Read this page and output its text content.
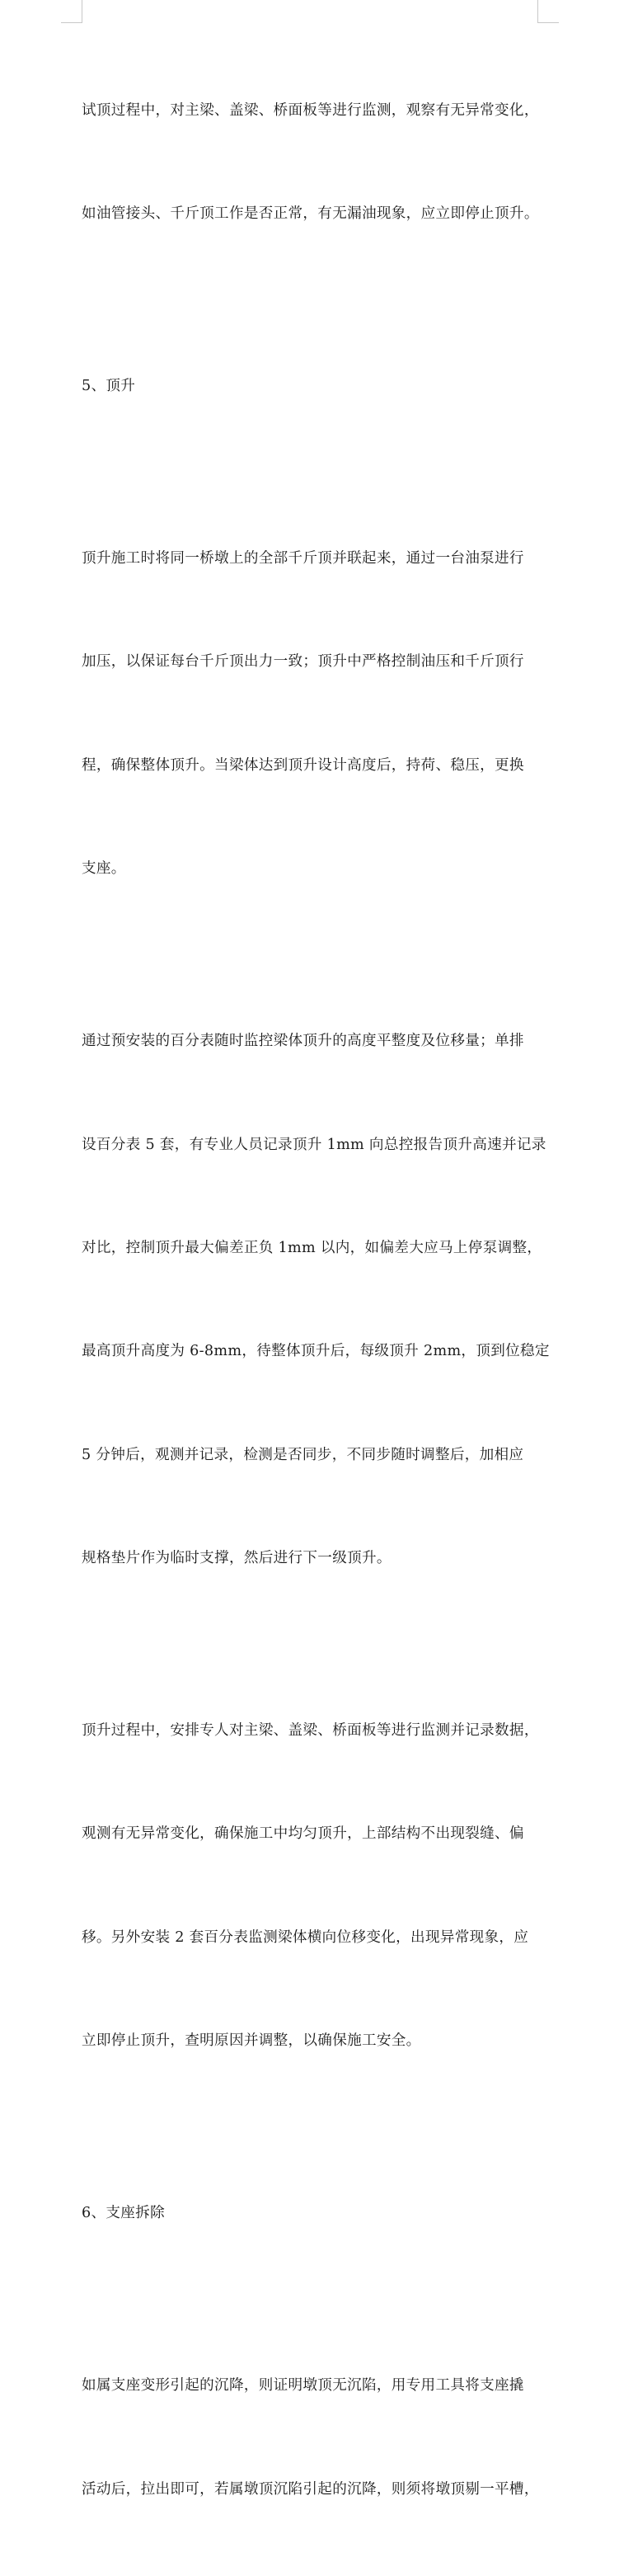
试顶过程中，对主梁、盖梁、桥面板等进行监测，观察有无异常变化，

如油管接头、千斤顶工作是否正常，有无漏油现象，应立即停止顶升。

5、顶升

顶升施工时将同一桥墩上的全部千斤顶并联起来，通过一台油泵进行

加压，以保证每台千斤顶出力一致；顶升中严格控制油压和千斤顶行

程，确保整体顶升。当梁体达到顶升设计高度后，持荷、稳压，更换

支座。

通过预安装的百分表随时监控梁体顶升的高度平整度及位移量；单排

设百分表 5 套，有专业人员记录顶升 1mm 向总控报告顶升高速并记录

对比，控制顶升最大偏差正负 1mm 以内，如偏差大应马上停泵调整，

最高顶升高度为 6-8mm，待整体顶升后，每级顶升 2mm，顶到位稳定

5 分钟后，观测并记录，检测是否同步，不同步随时调整后，加相应

规格垫片作为临时支撑，然后进行下一级顶升。

顶升过程中，安排专人对主梁、盖梁、桥面板等进行监测并记录数据，

观测有无异常变化，确保施工中均匀顶升，上部结构不出现裂缝、偏

移。另外安装 2 套百分表监测梁体横向位移变化，出现异常现象，应

立即停止顶升，查明原因并调整，以确保施工安全。

6、支座拆除

如属支座变形引起的沉降，则证明墩顶无沉陷，用专用工具将支座撬

活动后，拉出即可，若属墩顶沉陷引起的沉降，则须将墩顶剔一平槽，
